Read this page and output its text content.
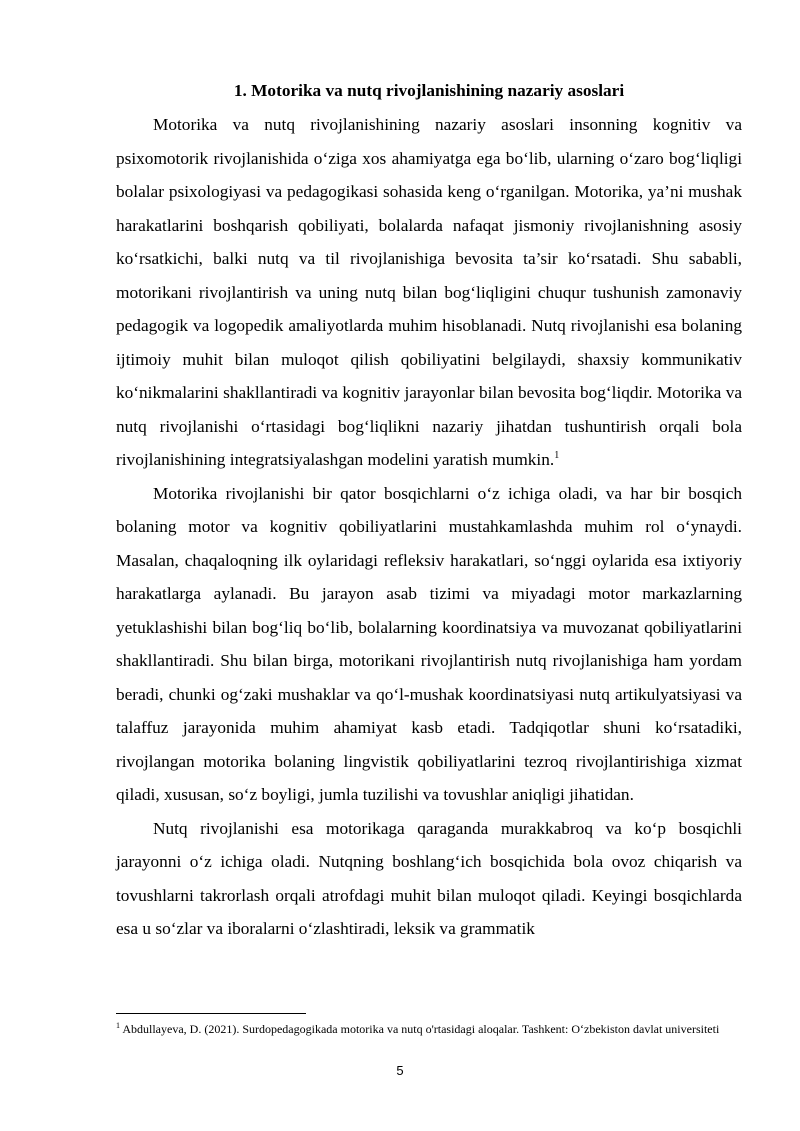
1. Motorika va nutq rivojlanishining nazariy asoslari

Motorika va nutq rivojlanishining nazariy asoslari insonning kognitiv va psixomotorik rivojlanishida o‘ziga xos ahamiyatga ega bo‘lib, ularning o‘zaro bog‘liqligi bolalar psixologiyasi va pedagogikasi sohasida keng o‘rganilgan. Motorika, ya’ni mushak harakatlarini boshqarish qobiliyati, bolalarda nafaqat jismoniy rivojlanishning asosiy ko‘rsatkichi, balki nutq va til rivojlanishiga bevosita ta’sir ko‘rsatadi. Shu sababli, motorikani rivojlantirish va uning nutq bilan bog‘liqligini chuqur tushunish zamonaviy pedagogik va logopedik amaliyotlarda muhim hisoblanadi. Nutq rivojlanishi esa bolaning ijtimoiy muhit bilan muloqot qilish qobiliyatini belgilaydi, shaxsiy kommunikativ ko‘nikmalarini shakllantiradi va kognitiv jarayonlar bilan bevosita bog‘liqdir. Motorika va nutq rivojlanishi o‘rtasidagi bog‘liqlikni nazariy jihatdan tushuntirish orqali bola rivojlanishining integratsiyalashgan modelini yaratish mumkin.$^1$

Motorika rivojlanishi bir qator bosqichlarni o‘z ichiga oladi, va har bir bosqich bolaning motor va kognitiv qobiliyatlarini mustahkamlashda muhim rol o‘ynaydi. Masalan, chaqaloqning ilk oylaridagi refleksiv harakatlari, so‘nggi oylarida esa ixtiyoriy harakatlarga aylanadi. Bu jarayon asab tizimi va miyadagi motor markazlarning yetuklashishi bilan bog‘liq bo‘lib, bolalarning koordinatsiya va muvozanat qobiliyatlarini shakllantiradi. Shu bilan birga, motorikani rivojlantirish nutq rivojlanishiga ham yordam beradi, chunki og‘zaki mushaklar va qo‘l-mushak koordinatsiyasi nutq artikulyatsiyasi va talaffuz jarayonida muhim ahamiyat kasb etadi. Tadqiqotlar shuni ko‘rsatadiki, rivojlangan motorika bolaning lingvistik qobiliyatlarini tezroq rivojlantirishiga xizmat qiladi, xususan, so‘z boyligi, jumla tuzilishi va tovushlar aniqligi jihatidan.

Nutq rivojlanishi esa motorikaga qaraganda murakkabroq va ko‘p bosqichli jarayonni o‘z ichiga oladi. Nutqning boshlang‘ich bosqichida bola ovoz chiqarish va tovushlarni takrorlash orqali atrofdagi muhit bilan muloqot qiladi. Keyingi bosqichlarda esa u so‘zlar va iboralarni o‘zlashtiradi, leksik va grammatik

$^1$ Abdullayeva, D. (2021). Surdopedagogikada motorika va nutq o'rtasidagi aloqalar. Tashkent: O‘zbekiston davlat universiteti

5
